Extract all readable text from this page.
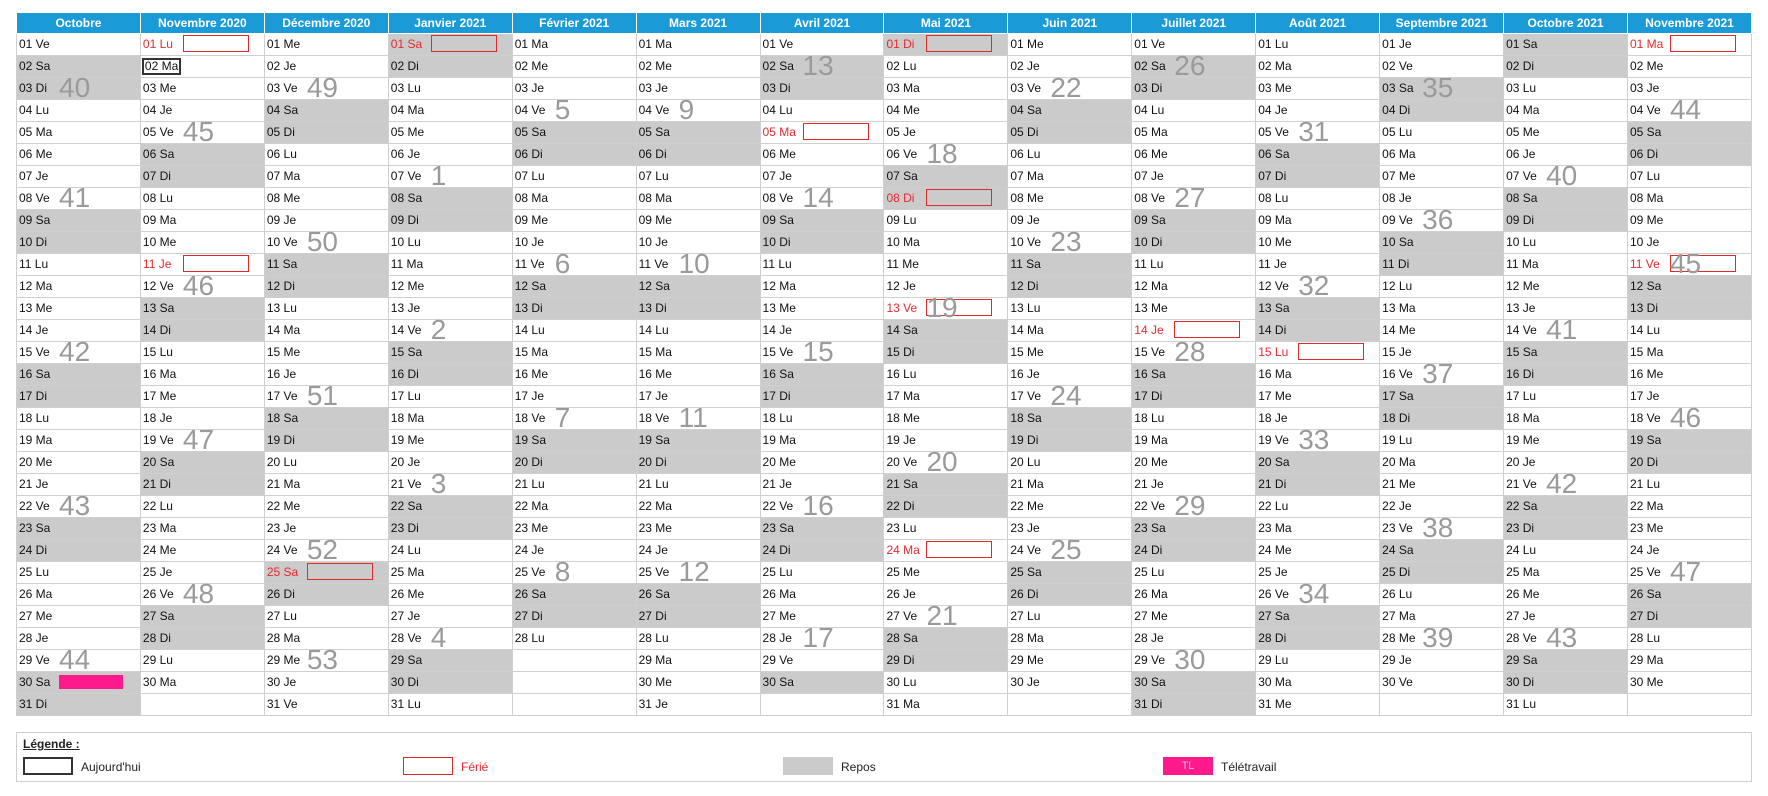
Octobre	Novembre 2020	Décembre 2020	Janvier 2021	Février 2021	Mars 2021	Avril 2021	Mai 2021	Juin 2021	Juillet 2021	Août 2021	Septembre 2021	Octobre 2021	Novembre 2021

01 Ve	01 Lu	01 Me	01 Sa	01 Ma	01 Ma	01 Ve	01 Di	01 Me	01 Ve	01 Lu	01 Je	01 Sa	01 Ma

02 Sa	02 Ma	02 Je	02 Di	02 Me	02 Me	02 Sa 13	02 Lu	02 Je	02 Sa 26	02 Ma	02 Ve	02 Di	02 Me

03 Di 40	03 Me	03 Ve 49	03 Lu	03 Je	03 Je	03 Di	03 Ma	03 Ve 22	03 Di	03 Me	03 Sa 35	03 Lu	03 Je

04 Lu	04 Je	04 Sa	04 Ma	04 Ve 5	04 Ve 9	04 Lu	04 Me	04 Sa	04 Lu	04 Je	04 Di	04 Ma	04 Ve 44

05 Ma	05 Ve 45	05 Di	05 Me	05 Sa	05 Sa	05 Ma	05 Je	05 Di	05 Ma	05 Ve 31	05 Lu	05 Me	05 Sa

06 Me	06 Sa	06 Lu	06 Je	06 Di	06 Di	06 Me	06 Ve 18	06 Lu	06 Me	06 Sa	06 Ma	06 Je	06 Di

07 Je	07 Di	07 Ma	07 Ve 1	07 Lu	07 Lu	07 Je	07 Sa	07 Ma	07 Je	07 Di	07 Me	07 Ve 40	07 Lu

08 Ve 41	08 Lu	08 Me	08 Sa	08 Ma	08 Ma	08 Ve 14	08 Di	08 Me	08 Ve 27	08 Lu	08 Je	08 Sa	08 Ma

09 Sa	09 Ma	09 Je	09 Di	09 Me	09 Me	09 Sa	09 Lu	09 Je	09 Sa	09 Ma	09 Ve 36	09 Di	09 Me

10 Di	10 Me	10 Ve 50	10 Lu	10 Je	10 Je	10 Di	10 Ma	10 Ve 23	10 Di	10 Me	10 Sa	10 Lu	10 Je

11 Lu	11 Je	11 Sa	11 Ma	11 Ve 6	11 Ve 10	11 Lu	11 Me	11 Sa	11 Lu	11 Je	11 Di	11 Ma	11 Ve 45

12 Ma	12 Ve 46	12 Di	12 Me	12 Sa	12 Sa	12 Ma	12 Je	12 Di	12 Ma	12 Ve 32	12 Lu	12 Me	12 Sa

13 Me	13 Sa	13 Lu	13 Je	13 Di	13 Di	13 Me	13 Ve 19	13 Lu	13 Me	13 Sa	13 Ma	13 Je	13 Di

14 Je	14 Di	14 Ma	14 Ve 2	14 Lu	14 Lu	14 Je	14 Sa	14 Ma	14 Je	14 Di	14 Me	14 Ve 41	14 Lu

15 Ve 42	15 Lu	15 Me	15 Sa	15 Ma	15 Ma	15 Ve 15	15 Di	15 Me	15 Ve 28	15 Lu	15 Je	15 Sa	15 Ma

16 Sa	16 Ma	16 Je	16 Di	16 Me	16 Me	16 Sa	16 Lu	16 Je	16 Sa	16 Ma	16 Ve 37	16 Di	16 Me

17 Di	17 Me	17 Ve 51	17 Lu	17 Je	17 Je	17 Di	17 Ma	17 Ve 24	17 Di	17 Me	17 Sa	17 Lu	17 Je

18 Lu	18 Je	18 Sa	18 Ma	18 Ve 7	18 Ve 11	18 Lu	18 Me	18 Sa	18 Lu	18 Je	18 Di	18 Ma	18 Ve 46

19 Ma	19 Ve 47	19 Di	19 Me	19 Sa	19 Sa	19 Ma	19 Je	19 Di	19 Ma	19 Ve 33	19 Lu	19 Me	19 Sa

20 Me	20 Sa	20 Lu	20 Je	20 Di	20 Di	20 Me	20 Ve 20	20 Lu	20 Me	20 Sa	20 Ma	20 Je	20 Di

21 Je	21 Di	21 Ma	21 Ve 3	21 Lu	21 Lu	21 Je	21 Sa	21 Ma	21 Je	21 Di	21 Me	21 Ve 42	21 Lu

22 Ve 43	22 Lu	22 Me	22 Sa	22 Ma	22 Ma	22 Ve 16	22 Di	22 Me	22 Ve 29	22 Lu	22 Je	22 Sa	22 Ma

23 Sa	23 Ma	23 Je	23 Di	23 Me	23 Me	23 Sa	23 Lu	23 Je	23 Sa	23 Ma	23 Ve 38	23 Di	23 Me

24 Di	24 Me	24 Ve 52	24 Lu	24 Je	24 Je	24 Di	24 Ma	24 Ve 25	24 Di	24 Me	24 Sa	24 Lu	24 Je

25 Lu	25 Je	25 Sa	25 Ma	25 Ve 8	25 Ve 12	25 Lu	25 Me	25 Sa	25 Lu	25 Je	25 Di	25 Ma	25 Ve 47

26 Ma	26 Ve 48	26 Di	26 Me	26 Sa	26 Sa	26 Ma	26 Je	26 Di	26 Ma	26 Ve 34	26 Lu	26 Me	26 Sa

27 Me	27 Sa	27 Lu	27 Je	27 Di	27 Di	27 Me	27 Ve 21	27 Lu	27 Me	27 Sa	27 Ma	27 Je	27 Di

28 Je	28 Di	28 Ma	28 Ve 4	28 Lu	28 Lu	28 Je 17	28 Sa	28 Ma	28 Je	28 Di	28 Me 39	28 Ve 43	28 Lu

29 Ve 44	29 Lu	29 Me 53	29 Sa		29 Ma	29 Ve	29 Di	29 Me	29 Ve 30	29 Lu	29 Je	29 Sa	29 Ma

30 Sa TL	30 Ma	30 Je	30 Di		30 Me	30 Sa	30 Lu	30 Je	30 Sa	30 Ma	30 Ve	30 Di	30 Me

31 Di		31 Ve	31 Lu		31 Je		31 Ma		31 Di	31 Me		31 Lu	

Légende :
Aujourd'hui	Férié	Repos	TL	Télétravail
